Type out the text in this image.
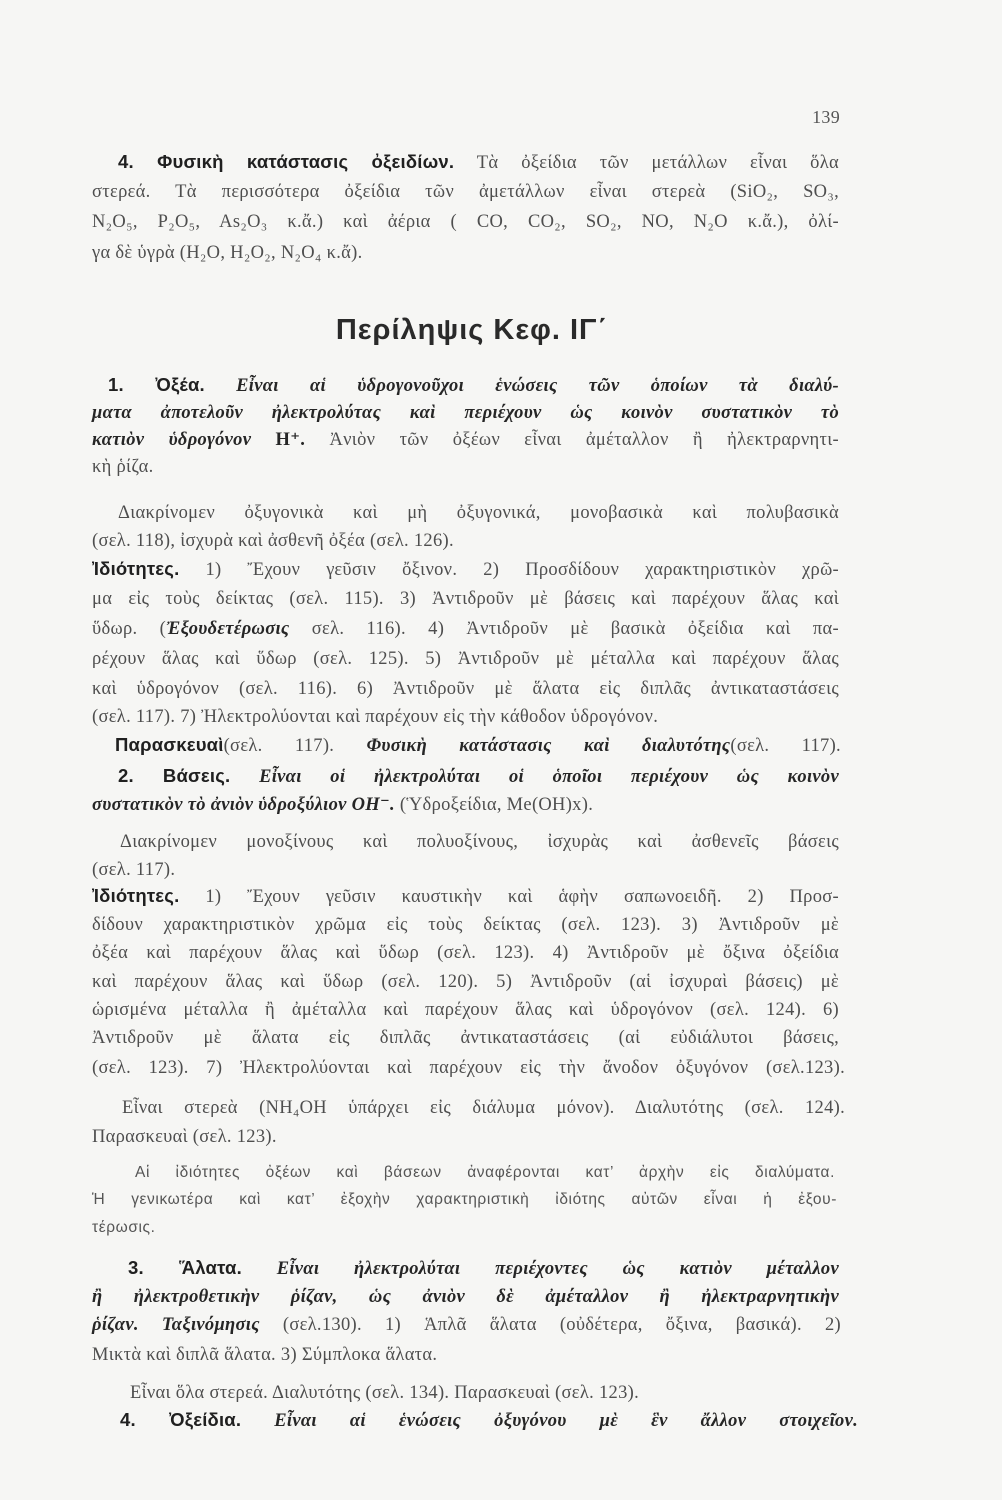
139
4. Φυσικὴ κατάστασις ὀξειδίων. Τὰ ὀξείδια τῶν μετάλλων εἶναι ὅλα
στερεά. Τὰ περισσότερα ὀξείδια τῶν ἀμετάλλων εἶναι στερεὰ (SiO₂, SO₃,
N₂O₅, P₂O₅, As₂O₃ κ.ἄ.) καὶ ἀέρια ( CO, CO₂, SO₂, NO, N₂O κ.ἄ.), ὀλί-
γα δὲ ὑγρὰ (H₂O, H₂O₂, N₂O₄ κ.ἄ).
Περίληψις Κεφ. ΙΓ΄
1. Ὀξέα. Εἶναι αἱ ὑδρογονοῦχοι ἑνώσεις τῶν ὁποίων τὰ διαλύ-
ματα ἀποτελοῦν ἠλεκτρολύτας καὶ περιέχουν ὡς κοινὸν συστατικὸν τὸ
κατιὸν ὑδρογόνον H⁺. Ἀνιὸν τῶν ὀξέων εἶναι ἀμέταλλον ἢ ἠλεκτραρνητι-
κὴ ῥίζα.
Διακρίνομεν ὀξυγονικὰ καὶ μὴ ὀξυγονικά, μονοβασικὰ καὶ πολυβασικὰ
(σελ. 118), ἰσχυρὰ καὶ ἀσθενῆ ὀξέα (σελ. 126).
Ἰδιότητες. 1) Ἔχουν γεῦσιν ὄξινον. 2) Προσδίδουν χαρακτηριστικὸν χρῶ-
μα εἰς τοὺς δείκτας (σελ. 115). 3) Ἀντιδροῦν μὲ βάσεις καὶ παρέχουν ἅλας καὶ
ὕδωρ. (Ἐξουδετέρωσις σελ. 116). 4) Ἀντιδροῦν μὲ βασικὰ ὀξείδια καὶ πα-
ρέχουν ἅλας καὶ ὕδωρ (σελ. 125). 5) Ἀντιδροῦν μὲ μέταλλα καὶ παρέχουν ἅλας
καὶ ὑδρογόνον (σελ. 116). 6) Ἀντιδροῦν μὲ ἅλατα εἰς διπλᾶς ἀντικαταστάσεις
(σελ. 117). 7) Ἠλεκτρολύονται καὶ παρέχουν εἰς τὴν κάθοδον ὑδρογόνον.
Παρασκευαὶ(σελ. 117). Φυσικὴ κατάστασις καὶ διαλυτότης(σελ. 117).
2. Βάσεις. Εἶναι οἱ ἠλεκτρολύται οἱ ὁποῖοι περιέχουν ὡς κοινὸν
συστατικὸν τὸ ἀνιὸν ὑδροξύλιον OH⁻. (Ὑδροξείδια, Me(OH)x).
Διακρίνομεν μονοξίνους καὶ πολυοξίνους, ἰσχυρὰς καὶ ἀσθενεῖς βάσεις
(σελ. 117).
Ἰδιότητες. 1) Ἔχουν γεῦσιν καυστικὴν καὶ ἁφὴν σαπωνοειδῆ. 2) Προσ-
δίδουν χαρακτηριστικὸν χρῶμα εἰς τοὺς δείκτας (σελ. 123). 3) Ἀντιδροῦν μὲ
ὀξέα καὶ παρέχουν ἅλας καὶ ὕδωρ (σελ. 123). 4) Ἀντιδροῦν μὲ ὄξινα ὀξείδια
καὶ παρέχουν ἅλας καὶ ὕδωρ (σελ. 120). 5) Ἀντιδροῦν (αἱ ἰσχυραὶ βάσεις) μὲ
ὡρισμένα μέταλλα ἢ ἀμέταλλα καὶ παρέχουν ἅλας καὶ ὑδρογόνον (σελ. 124). 6)
Ἀντιδροῦν μὲ ἅλατα εἰς διπλᾶς ἀντικαταστάσεις (αἱ εὐδιάλυτοι βάσεις,
(σελ. 123). 7) Ἠλεκτρολύονται καὶ παρέχουν εἰς τὴν ἄνοδον ὀξυγόνον (σελ.123).
Εἶναι στερεὰ (NH₄OH ὑπάρχει εἰς διάλυμα μόνον). Διαλυτότης (σελ. 124).
Παρασκευαὶ (σελ. 123).
Αἱ ἰδιότητες ὀξέων καὶ βάσεων ἀναφέρονται κατ’ ἀρχὴν εἰς διαλύματα.
Ἡ γενικωτέρα καὶ κατ’ ἐξοχὴν χαρακτηριστικὴ ἰδιότης αὐτῶν εἶναι ἡ ἐξου-
τέρωσις.
3. Ἅλατα. Εἶναι ἠλεκτρολύται περιέχοντες ὡς κατιὸν μέταλλον
ἢ ἠλεκτροθετικὴν ῥίζαν, ὡς ἀνιὸν δὲ ἀμέταλλον ἢ ἠλεκτραρνητικὴν
ῥίζαν. Ταξινόμησις (σελ.130). 1) Ἁπλᾶ ἅλατα (οὐδέτερα, ὄξινα, βασικά). 2)
Μικτὰ καὶ διπλᾶ ἅλατα. 3) Σύμπλοκα ἅλατα.
Εἶναι ὅλα στερεά. Διαλυτότης (σελ. 134). Παρασκευαὶ (σελ. 123).
4. Ὀξείδια. Εἶναι αἱ ἑνώσεις ὀξυγόνου μὲ ἓν ἄλλον στοιχεῖον.
